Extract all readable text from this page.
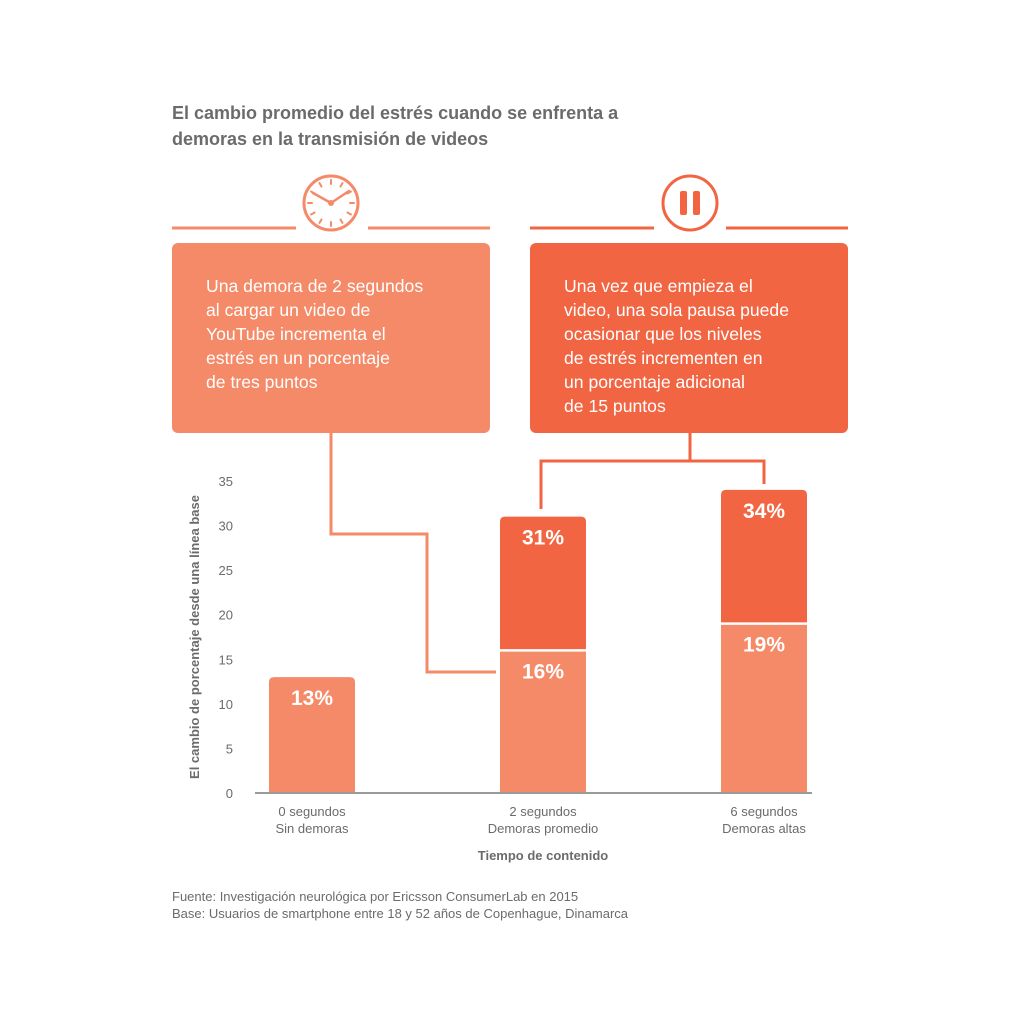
El cambio promedio del estrés cuando se enfrenta a
demoras en la transmisión de videos
Una demora de 2 segundos
al cargar un video de
YouTube incrementa el
estrés en un porcentaje
de tres puntos
Una vez que empieza el
video, una sola pausa puede
ocasionar que los niveles
de estrés incrementen en
un porcentaje adicional
de 15 puntos
0
5
10
15
20
25
30
35
0 segundos
Sin demoras
2 segundos
Demoras promedio
6 segundos
Demoras altas
Tiempo de contenido
El cambio de porcentaje desde una línea base	13%
16%
31%
19%
34%
Fuente: Investigación neurológica por Ericsson ConsumerLab en 2015
Base: Usuarios de smartphone entre 18 y 52 años de Copenhague, Dinamarca
